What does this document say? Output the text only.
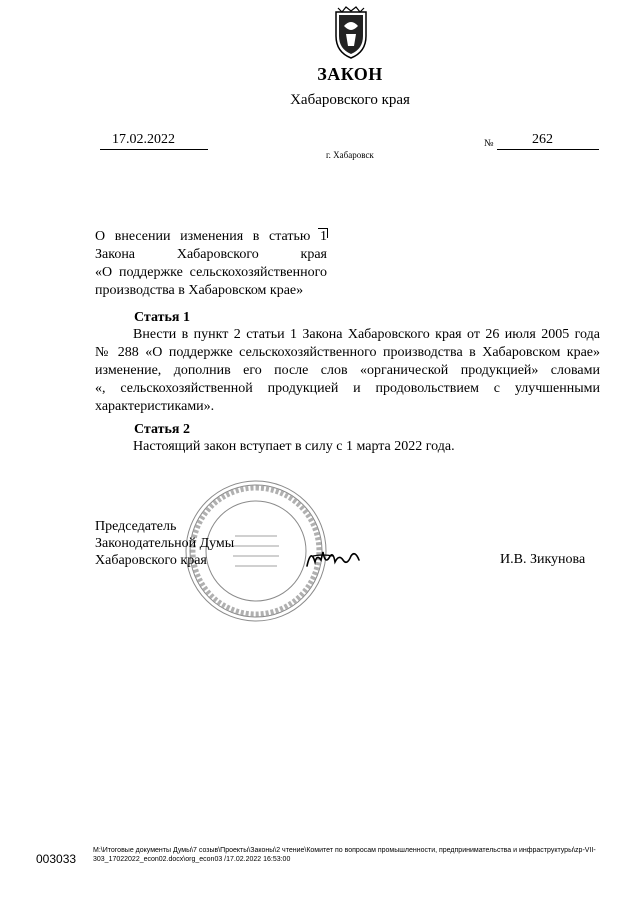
ЗАКОН
Хабаровского края
17.02.2022	№	262
г. Хабаровск
О внесении изменения в статью 1
Закона Хабаровского края
«О поддержке сельскохозяйственного
производства в Хабаровском крае»
Статья 1
Внести в пункт 2 статьи 1 Закона Хабаровского края от 26 июля 2005 года
№ 288 «О поддержке сельскохозяйственного производства в Хабаровском крае»
изменение, дополнив его после слов «органической продукцией» словами
«, сельскохозяйственной продукцией и продовольствием с улучшенными
характеристиками».
Статья 2
Настоящий закон вступает в силу с 1 марта 2022 года.
Председатель
Законодательной Думы
Хабаровского края	И.В. Зикунова
003033
M:\Итоговые документы Думы\7 созыв\Проекты\Законы\2 чтение\Комитет по вопросам промышленности, предпринимательства и инфраструктуры\zp-VII-
303_17022022_econ02.docx\org_econ03 /17.02.2022 16:53:00
